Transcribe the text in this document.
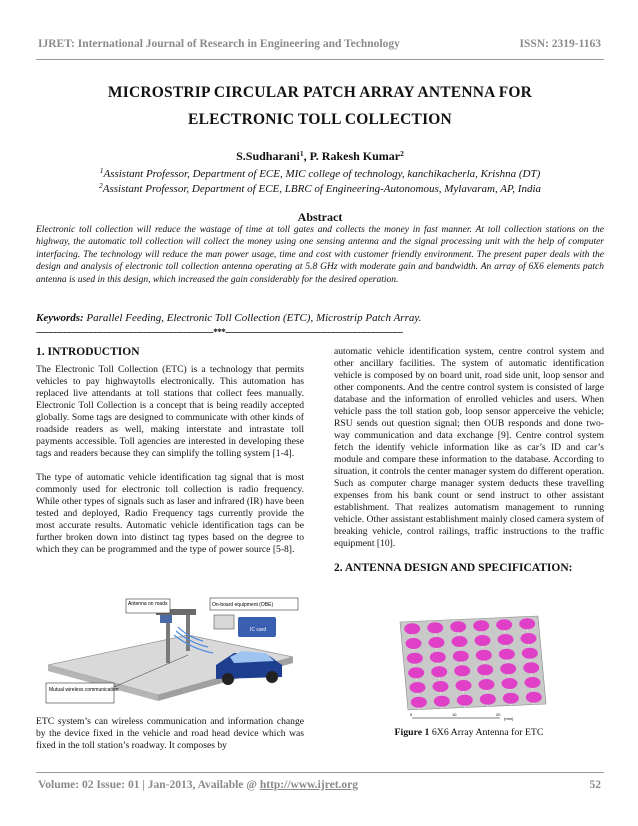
IJRET: International Journal of Research in Engineering and Technology	ISSN: 2319-1163
MICROSTRIP CIRCULAR PATCH ARRAY ANTENNA FOR
ELECTRONIC TOLL COLLECTION
S.Sudharani$^1$, P. Rakesh Kumar$^2$
$^1$Assistant Professor, Department of ECE, MIC college of technology, kanchikacherla, Krishna (DT)
$^2$Assistant Professor, Department of ECE, LBRC of Engineering-Autonomous, Mylavaram, AP, India
Abstract

Electronic toll collection will reduce the wastage of time at toll gates and collects the money in fast manner. At toll collection stations on the highway, the automatic toll collection will collect the money using one sensing antenna and the signal processing unit with the help of computer interfacing. The technology will reduce the man power usage, time and cost with customer friendly environment. The present paper deals with the design and analysis of electronic toll collection antenna operating at 5.8 GHz with moderate gain and bandwidth. An array of 6X6 elements patch antenna is used in this design, which increased the gain considerably for the desired operation.

Keywords: Parallel Feeding, Electronic Toll Collection (ETC), Microstrip Patch Array.
-----------------------------------------------------------------------***-----------------------------------------------------------------------
1. INTRODUCTION

The Electronic Toll Collection (ETC) is a technology that permits vehicles to pay highwaytolls electronically. This automation has replaced live attendants at toll stations that collect fees manually. Electronic Toll Collection is a concept that is being readily accepted globally. Some tags are designed to communicate with other kinds of roadside readers as well, making interstate and intrastate toll payments accessible. Toll agencies are interested in developing these tags and readers because they can simplify the tolling system [1-4].

The type of automatic vehicle identification tag signal that is most commonly used for electronic toll collection is radio frequency. While other types of signals such as laser and infrared (IR) have been tested and deployed, Radio Frequency tags currently provide the most accurate results. Automatic vehicle identification tags can be further broken down into distinct tag types based on the degree to which they can be programmed and the type of power source [5-8].

Antenna on roads	On-board equipment (OBE)
IC card
Mutual wireless communication

ETC system’s can wireless communication and information change by the device fixed in the vehicle and road head device which was fixed in the toll station’s roadway. It composes by

automatic vehicle identification system, centre control system and other ancillary facilities. The system of automatic identification vehicle is composed by on board unit, road side unit, loop sensor and other components. And the centre control system is consisted of large database and the information of enrolled vehicles and users. When vehicle pass the toll station gob, loop sensor apperceive the vehicle; RSU sends out question signal; then OUB responds and done two-way communication and data exchange [9]. Centre control system fetch the identify vehicle information like as car’s ID and car’s module and compare these information to the database. According to situation, it controls the center manager system do different operation. Such as computer charge manager system deducts these travelling expenses from his bank count or send instruct to other assistant establishment. That realizes automatism management to running vehicle. Other assistant establishment mainly closed camera system of breaking vehicle, control railings, traffic instructions to the traffic equipment [10].

2. ANTENNA DESIGN AND SPECIFICATION:
0	10	20
(mm)
Figure 1 6X6 Array Antenna for ETC
Volume: 02 Issue: 01 | Jan-2013, Available @ http://www.ijret.org	52
